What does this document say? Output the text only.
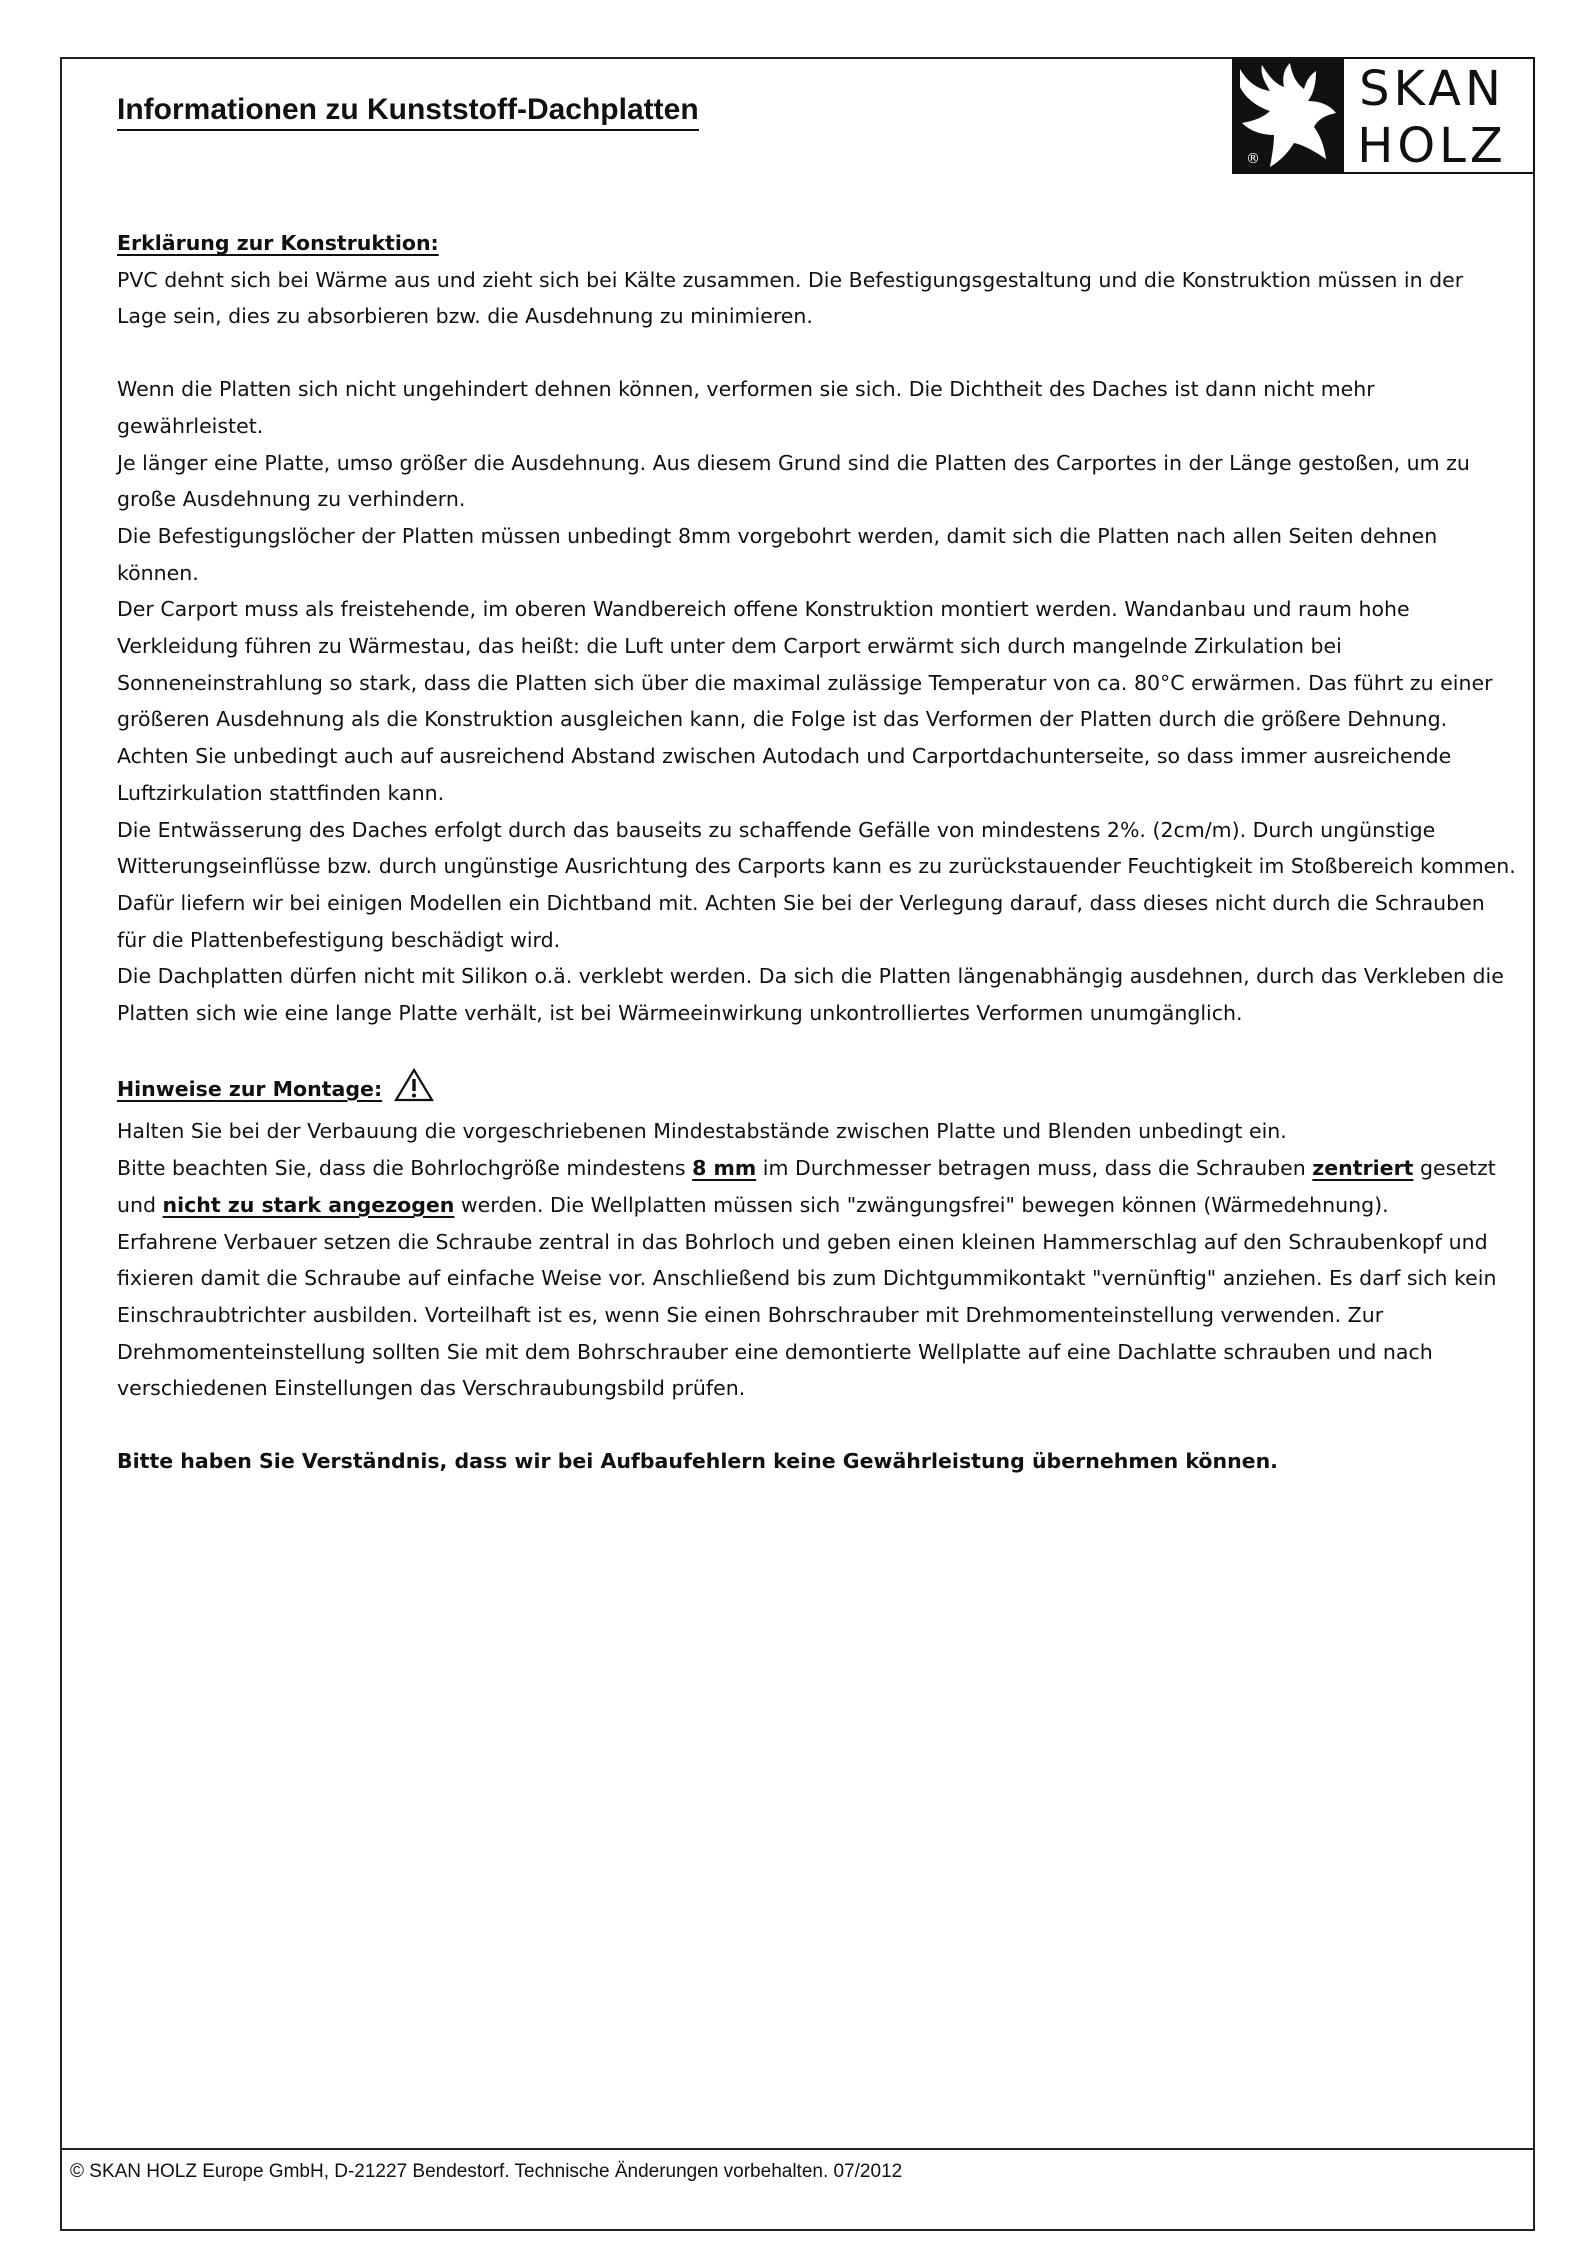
Informationen zu Kunststoff-Dachplatten
®
SKAN
HOLZ

Erklärung zur Konstruktion:

PVC dehnt sich bei Wärme aus und zieht sich bei Kälte zusammen. Die Befestigungsgestaltung und die Konstruktion müssen in der Lage sein, dies zu absorbieren bzw. die Ausdehnung zu minimieren.

Wenn die Platten sich nicht ungehindert dehnen können, verformen sie sich. Die Dichtheit des Daches ist dann nicht mehr gewährleistet.

Je länger eine Platte, umso größer die Ausdehnung. Aus diesem Grund sind die Platten des Carportes in der Länge gestoßen, um zu große Ausdehnung zu verhindern.

Die Befestigungslöcher der Platten müssen unbedingt 8mm vorgebohrt werden, damit sich die Platten nach allen Seiten dehnen können.

Der Carport muss als freistehende, im oberen Wandbereich offene Konstruktion montiert werden. Wandanbau und raum hohe Verkleidung führen zu Wärmestau, das heißt: die Luft unter dem Carport erwärmt sich durch mangelnde Zirkulation bei Sonneneinstrahlung so stark, dass die Platten sich über die maximal zulässige Temperatur von ca. 80°C erwärmen. Das führt zu einer größeren Ausdehnung als die Konstruktion ausgleichen kann, die Folge ist das Verformen der Platten durch die größere Dehnung.

Achten Sie unbedingt auch auf ausreichend Abstand zwischen Autodach und Carportdachunterseite, so dass immer ausreichende Luftzirkulation stattfinden kann.

Die Entwässerung des Daches erfolgt durch das bauseits zu schaffende Gefälle von mindestens 2%. (2cm/m). Durch ungünstige Witterungseinflüsse bzw. durch ungünstige Ausrichtung des Carports kann es zu zurückstauender Feuchtigkeit im Stoßbereich kommen. Dafür liefern wir bei einigen Modellen ein Dichtband mit. Achten Sie bei der Verlegung darauf, dass dieses nicht durch die Schrauben für die Plattenbefestigung beschädigt wird.

Die Dachplatten dürfen nicht mit Silikon o.ä. verklebt werden. Da sich die Platten längenabhängig ausdehnen, durch das Verkleben die Platten sich wie eine lange Platte verhält, ist bei Wärmeeinwirkung unkontrolliertes Verformen unumgänglich.

Hinweise zur Montage:

Halten Sie bei der Verbauung die vorgeschriebenen Mindestabstände zwischen Platte und Blenden unbedingt ein.

Bitte beachten Sie, dass die Bohrlochgröße mindestens 8 mm im Durchmesser betragen muss, dass die Schrauben zentriert gesetzt und nicht zu stark angezogen werden. Die Wellplatten müssen sich "zwängungsfrei" bewegen können (Wärmedehnung).

Erfahrene Verbauer setzen die Schraube zentral in das Bohrloch und geben einen kleinen Hammerschlag auf den Schraubenkopf und fixieren damit die Schraube auf einfache Weise vor. Anschließend bis zum Dichtgummikontakt "vernünftig" anziehen. Es darf sich kein Einschraubtrichter ausbilden. Vorteilhaft ist es, wenn Sie einen Bohrschrauber mit Drehmomenteinstellung verwenden. Zur Drehmomenteinstellung sollten Sie mit dem Bohrschrauber eine demontierte Wellplatte auf eine Dachlatte schrauben und nach verschiedenen Einstellungen das Verschraubungsbild prüfen.

Bitte haben Sie Verständnis, dass wir bei Aufbaufehlern keine Gewährleistung übernehmen können.

© SKAN HOLZ Europe GmbH, D-21227 Bendestorf. Technische Änderungen vorbehalten. 07/2012
